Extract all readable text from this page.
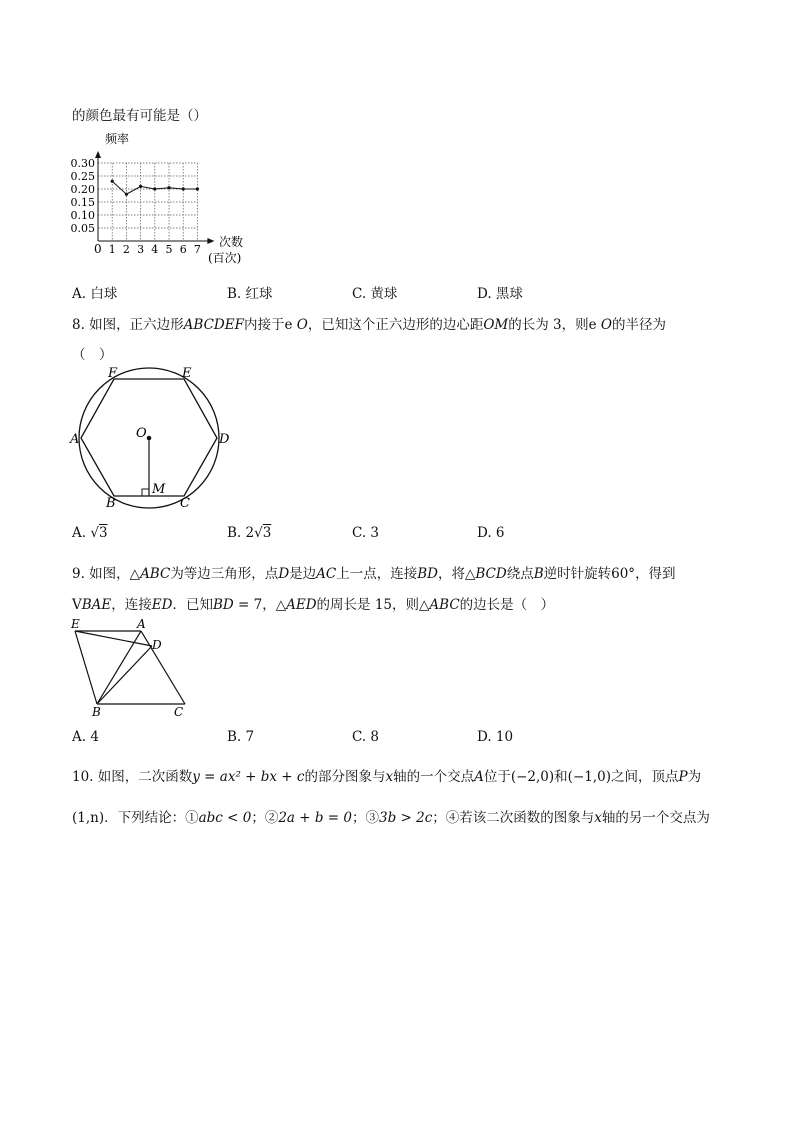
的颜色最有可能是（）
0.30
0.25
0.20
0.15
0.10
0.05
1 2 3 4 5 6 7
频率
次数
(百次)
0
A. 白球	B. 红球	C. 黄球	D. 黑球
8. 如图，正六边形ABCDEF内接于e O，已知这个正六边形的边心距OM的长为 3，则e O的半径为
（　）
F	E
A	D
O
B	C
M
A. √3	B. 2√3	C. 3	D. 6
9. 如图，△ABC为等边三角形，点D是边AC上一点，连接BD，将△BCD绕点B逆时针旋转60°，得到
VBAE，连接ED．已知BD = 7，△AED的周长是 15，则△ABC的边长是（　）
E	A
D
B	C
A. 4	B. 7	C. 8	D. 10
10. 如图，二次函数y = ax² + bx + c的部分图象与x轴的一个交点A位于(−2,0)和(−1,0)之间，顶点P为
(1,n)．下列结论：①abc < 0；②2a + b = 0；③3b > 2c；④若该二次函数的图象与x轴的另一个交点为
